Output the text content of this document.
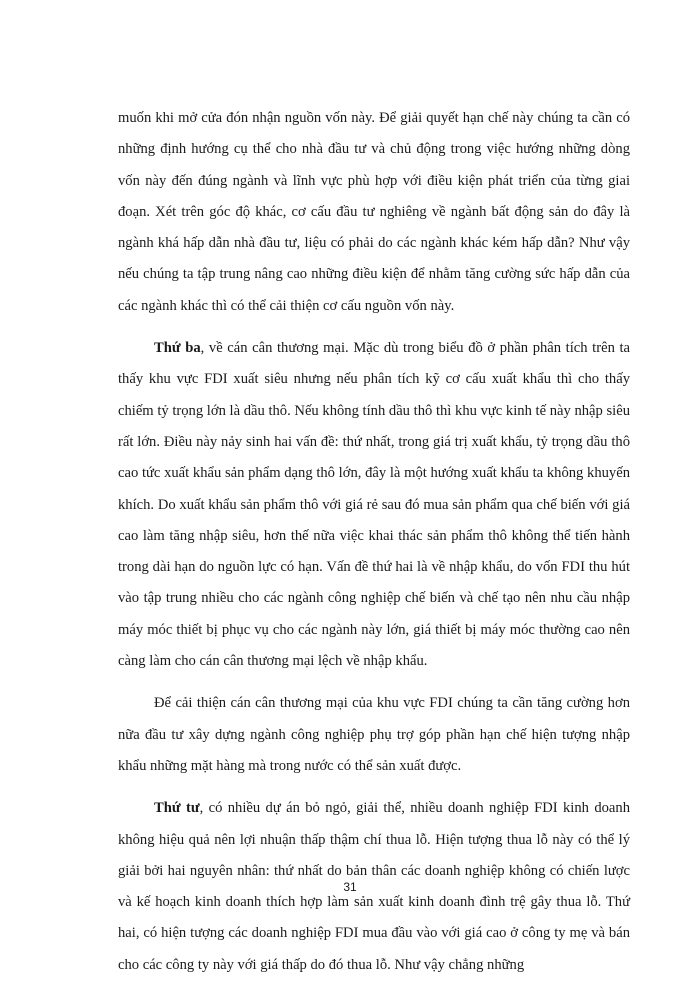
muốn khi mở cửa đón nhận nguồn vốn này. Để giải quyết hạn chế này chúng ta cần có những định hướng cụ thể cho nhà đầu tư và chủ động trong việc hướng những dòng vốn này đến đúng ngành và lĩnh vực phù hợp với điều kiện phát triển của từng giai đoạn. Xét trên góc độ khác, cơ cấu đầu tư nghiêng về ngành bất động sản do đây là ngành khá hấp dẫn nhà đầu tư, liệu có phải do các ngành khác kém hấp dẫn? Như vậy nếu chúng ta tập trung nâng cao những điều kiện để nhằm tăng cường sức hấp dẫn của các ngành khác thì có thể cải thiện cơ cấu nguồn vốn này.

Thứ ba, về cán cân thương mại. Mặc dù trong biểu đồ ở phần phân tích trên ta thấy khu vực FDI xuất siêu nhưng nếu phân tích kỹ cơ cấu xuất khẩu thì cho thấy chiếm tỷ trọng lớn là dầu thô. Nếu không tính dầu thô thì khu vực kinh tế này nhập siêu rất lớn. Điều này nảy sinh hai vấn đề: thứ nhất, trong giá trị xuất khẩu, tỷ trọng dầu thô cao tức xuất khẩu sản phẩm dạng thô lớn, đây là một hướng xuất khẩu ta không khuyến khích. Do xuất khẩu sản phẩm thô với giá rẻ sau đó mua sản phẩm qua chế biến với giá cao làm tăng nhập siêu, hơn thế nữa việc khai thác sản phẩm thô không thể tiến hành trong dài hạn do nguồn lực có hạn. Vấn đề thứ hai là về nhập khẩu, do vốn FDI thu hút vào tập trung nhiều cho các ngành công nghiệp chế biến và chế tạo nên nhu cầu nhập máy móc thiết bị phục vụ cho các ngành này lớn, giá thiết bị máy móc thường cao nên càng làm cho cán cân thương mại lệch về nhập khẩu.

Để cải thiện cán cân thương mại của khu vực FDI chúng ta cần tăng cường hơn nữa đầu tư xây dựng ngành công nghiệp phụ trợ góp phần hạn chế hiện tượng nhập khẩu những mặt hàng mà trong nước có thể sản xuất được.

Thứ tư, có nhiều dự án bỏ ngỏ, giải thể, nhiều doanh nghiệp FDI kinh doanh không hiệu quả nên lợi nhuận thấp thậm chí thua lỗ. Hiện tượng thua lỗ này có thể lý giải bởi hai nguyên nhân: thứ nhất do bản thân các doanh nghiệp không có chiến lược và kế hoạch kinh doanh thích hợp làm sản xuất kinh doanh đình trệ gây thua lỗ. Thứ hai, có hiện tượng các doanh nghiệp FDI mua đầu vào với giá cao ở công ty mẹ và bán cho các công ty này với giá thấp do đó thua lỗ. Như vậy chẳng những

31
